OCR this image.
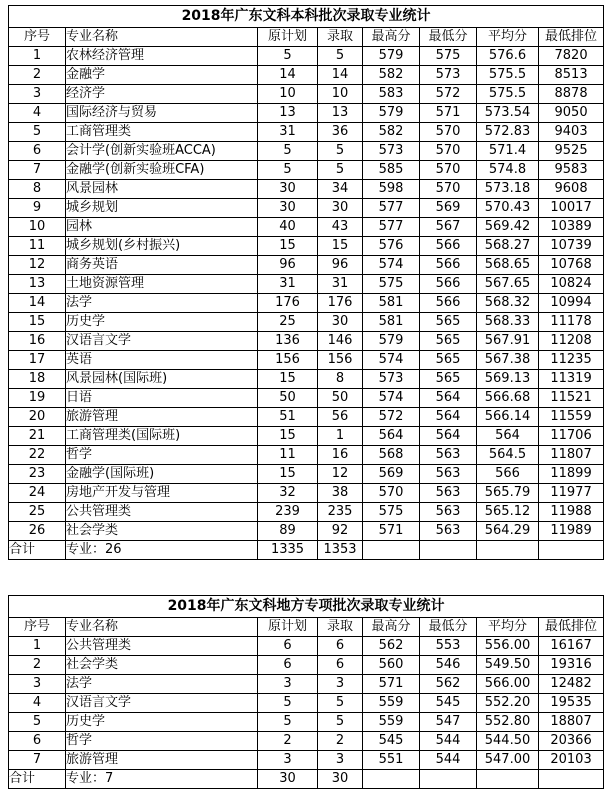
2018年广东文科本科批次录取专业统计							
序号	专业名称	原计划	录取	最高分	最低分	平均分	最低排位
1	农林经济管理	5	5	579	575	576.6	7820
2	金融学	14	14	582	573	575.5	8513
3	经济学	10	10	583	572	575.5	8878
4	国际经济与贸易	13	13	579	571	573.54	9050
5	工商管理类	31	36	582	570	572.83	9403
6	会计学(创新实验班ACCA)	5	5	573	570	571.4	9525
7	金融学(创新实验班CFA)	5	5	585	570	574.8	9583
8	风景园林	30	34	598	570	573.18	9608
9	城乡规划	30	30	577	569	570.43	10017
10	园林	40	43	577	567	569.42	10389
11	城乡规划(乡村振兴)	15	15	576	566	568.27	10739
12	商务英语	96	96	574	566	568.65	10768
13	土地资源管理	31	31	575	566	567.65	10824
14	法学	176	176	581	566	568.32	10994
15	历史学	25	30	581	565	568.33	11178
16	汉语言文学	136	146	579	565	567.91	11208
17	英语	156	156	574	565	567.38	11235
18	风景园林(国际班)	15	8	573	565	569.13	11319
19	日语	50	50	574	564	566.68	11521
20	旅游管理	51	56	572	564	566.14	11559
21	工商管理类(国际班)	15	1	564	564	564	11706
22	哲学	11	16	568	563	564.5	11807
23	金融学(国际班)	15	12	569	563	566	11899
24	房地产开发与管理	32	38	570	563	565.79	11977
25	公共管理类	239	235	575	563	565.12	11988
26	社会学类	89	92	571	563	564.29	11989
合计	专业：26	1335	1353				
2018年广东文科地方专项批次录取专业统计							
序号	专业名称	原计划	录取	最高分	最低分	平均分	最低排位
1	公共管理类	6	6	562	553	556.00	16167
2	社会学类	6	6	560	546	549.50	19316
3	法学	3	3	571	562	566.00	12482
4	汉语言文学	5	5	559	545	552.20	19535
5	历史学	5	5	559	547	552.80	18807
6	哲学	2	2	545	544	544.50	20366
7	旅游管理	3	3	551	544	547.00	20103
合计	专业：7	30	30				
